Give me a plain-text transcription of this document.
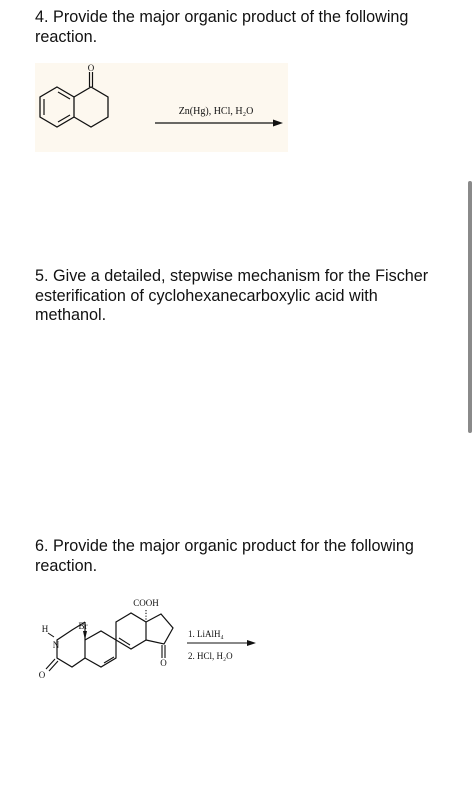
4. Provide the major organic product of the following reaction.

O
Zn(Hg), HCl, H₂O

5. Give a detailed, stepwise mechanism for the Fischer esterification of cyclohexanecarboxylic acid with methanol.

6. Provide the major organic product for the following reaction.

O
COOH
Br
H
N
O
1. LiAlH₄
2. HCl, H₂O
